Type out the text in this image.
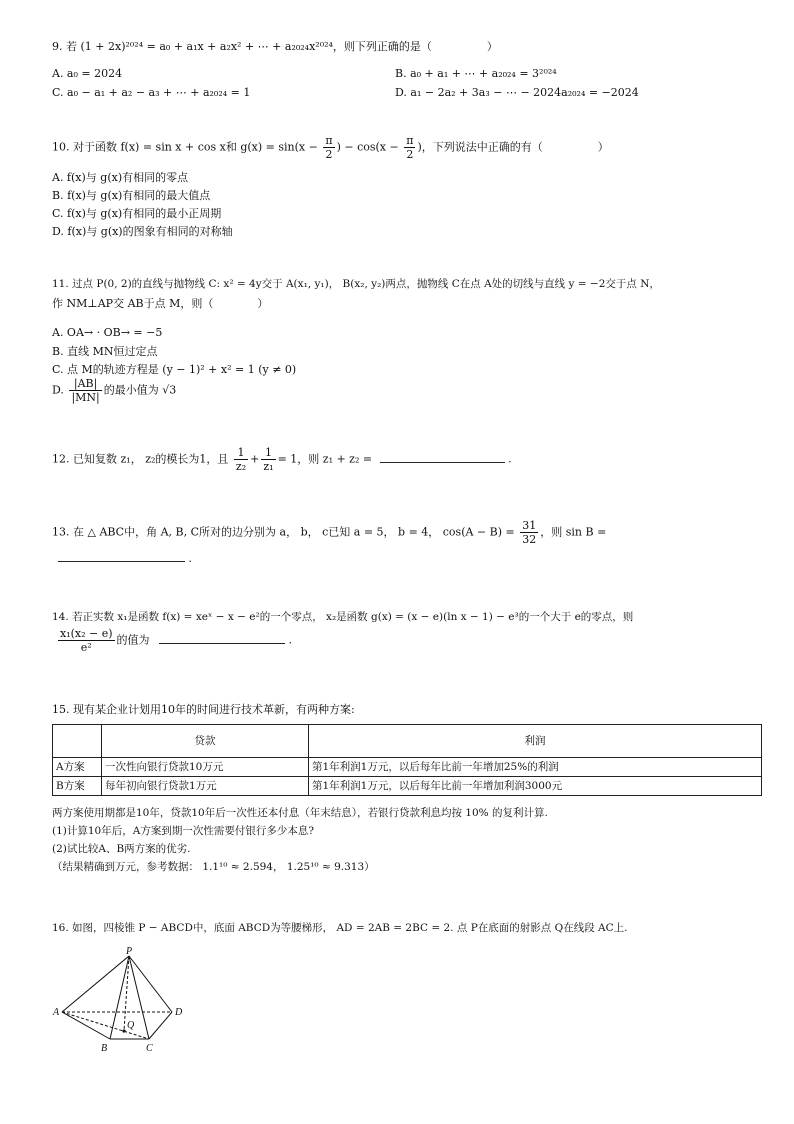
9. 若 (1 + 2x)²⁰²⁴ = a₀ + a₁x + a₂x² + ⋯ + a₂₀₂₄x²⁰²⁴，则下列正确的是（　　　　　）
A. a₀ = 2024	B. a₀ + a₁ + ⋯ + a₂₀₂₄ = 3²⁰²⁴
C. a₀ − a₁ + a₂ − a₃ + ⋯ + a₂₀₂₄ = 1	D. a₁ − 2a₂ + 3a₃ − ⋯ − 2024a₂₀₂₄ = −2024
10. 对于函数 f(x) = sin x + cos x和 $g(x) = \sin(x - \frac{\pi}{2}$ ) − $\cos(x - \frac{\pi}{2}$ )，下列说法中正确的有（　　　　　）
A. f(x)与 g(x)有相同的零点
B. f(x)与 g(x)有相同的最大值点
C. f(x)与 g(x)有相同的最小正周期
D. f(x)与 g(x)的图象有相同的对称轴
11. 过点 P(0, 2)的直线与抛物线 C: x² = 4y交于 A(x₁, y₁)， B(x₂, y₂)两点，抛物线 C在点 A处的切线与直线 y = −2交于点 N，
作 NM⊥AP交 AB于点 M，则（　　　　）
A. OA→ · OB→ = −5
B. 直线 MN恒过定点
C. 点 M的轨迹方程是 (y − 1)² + x² = 1 (y ≠ 0)
D. $\frac{|AB|}{|MN|}$ 的最小值为 √3
12. 已知复数 z₁， z₂的模长为1，且 $\frac{1}{\text{z₂}} + \frac{1}{\text{z₁}} = 1$，则 z₁ + z₂ =	.
13. 在 △ ABC中，角 A, B, C所对的边分别为 a， b， c已知 a = 5， b = 4， $\cos(A - B) = \frac{31}{32}$ ，则 sin B =
.
14. 若正实数 x₁是函数 f(x) = xeˣ − x − e²的一个零点， x₂是函数 g(x) = (x − e)(ln x − 1) − e³的一个大于 e的零点，则
$\frac{\text{x₁(x₂ − e)}}{\text{e²}}$ 的值为	.
15. 现有某企业计划用10年的时间进行技术革新，有两种方案:
	贷款	利润
A方案	一次性向银行贷款10万元	第1年利润1万元，以后每年比前一年增加25%的利润
B方案	每年初向银行贷款1万元	第1年利润1万元，以后每年比前一年增加利润3000元
两方案使用期都是10年，贷款10年后一次性还本付息（年末结息），若银行贷款利息均按 10% 的复利计算.
(1)计算10年后，A方案到期一次性需要付银行多少本息?
(2)试比较A、B两方案的优劣.
（结果精确到万元，参考数据： 1.1¹⁰ ≈ 2.594， 1.25¹⁰ ≈ 9.313）
16. 如图，四棱锥 P − ABCD中，底面 ABCD为等腰梯形， AD = 2AB = 2BC = 2. 点 P在底面的射影点 Q在线段 AC上.
P
A
B	C
D
Q
